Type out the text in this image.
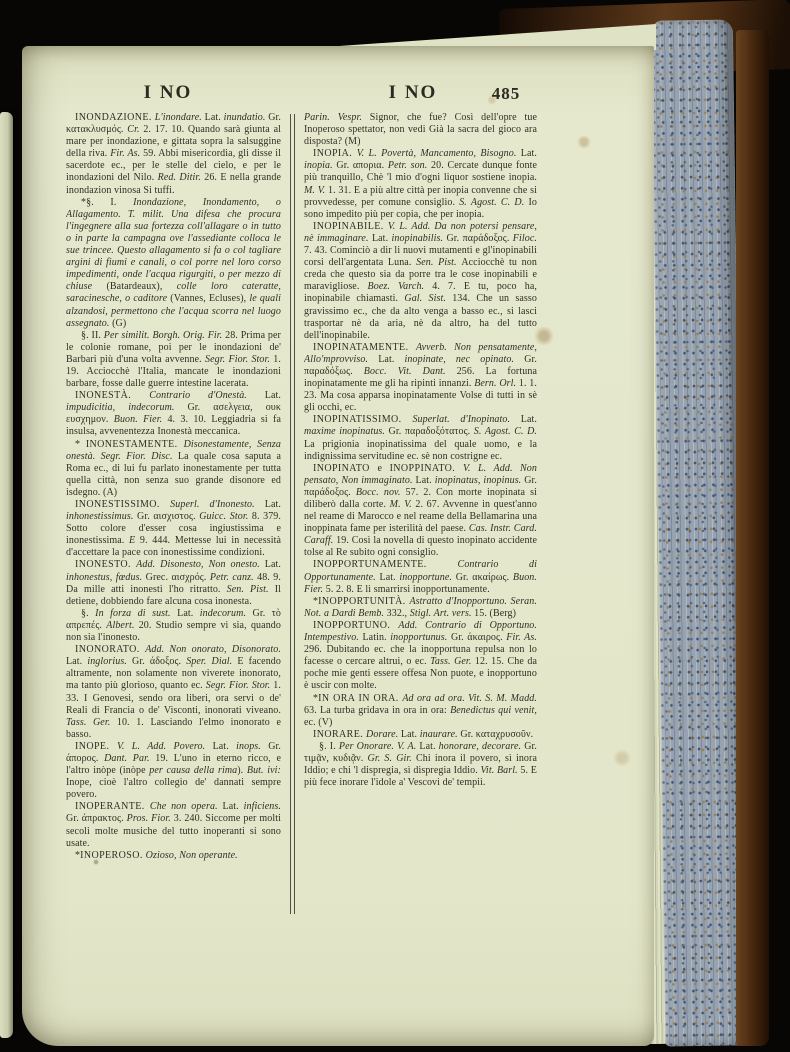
I NO	I NO	485

INONDAZIONE. L'inondare. Lat. inundatio. Gr. κατακλυσμός. Cr. 2. 17. 10. Quando sarà giunta al mare per inondazione, e gittata sopra la salsuggine della riva. Fir. As. 59. Abbi misericordia, gli disse il sacerdote ec., per le stelle del cielo, e per le inondazioni del Nilo. Red. Ditir. 26. E nella grande inondazion vinosa Si tuffi.

*§. I. Inondazione, Inondamento, o Allagamento. T. milit. Una difesa che procura l'ingegnere alla sua fortezza coll'allagare o in tutto o in parte la campagna ove l'assediante colloca le sue trincee. Questo allagamento si fa o col tagliare argini di fiumi e canali, o col porre nel loro corso impedimenti, onde l'acqua rigurgiti, o per mezzo di chiuse (Batardeaux), colle loro cateratte, saracinesche, o caditore (Vannes, Ecluses), le quali alzandosi, permettono che l'acqua scorra nel luogo assegnato. (G)

§. II. Per similit. Borgh. Orig. Fir. 28. Prima per le colonie romane, poi per le inondazioni de' Barbari più d'una volta avvenne. Segr. Fior. Stor. 1. 19. Acciocchè l'Italia, mancate le inondazioni barbare, fosse dalle guerre intestine lacerata.

INONESTÀ. Contrario d'Onestà. Lat. impudicitia, indecorum. Gr. ασελγεια, ουκ ευσχημον. Buon. Fier. 4. 3. 10. Leggiadria si fa insulsa, avvenentezza Inonestà meccanica.

* INONESTAMENTE. Disonestamente, Senza onestà. Segr. Fior. Disc. La quale cosa saputa a Roma ec., di lui fu parlato inonestamente per tutta quella città, non senza suo grande disonore ed isdegno. (A)

INONESTISSIMO. Superl. d'Inonesto. Lat. inhonestissimus. Gr. αισχιστος. Guicc. Stor. 8. 379. Sotto colore d'esser cosa ingiustissima e inonestissima. E 9. 444. Mettesse lui in necessità d'accettare la pace con inonestissime condizioni.

INONESTO. Add. Disonesto, Non onesto. Lat. inhonestus, fœdus. Grec. αισχρός. Petr. canz. 48. 9. Da mille atti inonesti l'ho ritratto. Sen. Pist. Il detiene, dobbiendo fare alcuna cosa inonesta.

§. In forza di sust. Lat. indecorum. Gr. τὸ απρεπές. Albert. 20. Studio sempre vi sia, quando non sia l'inonesto.

INONORATO. Add. Non onorato, Disonorato. Lat. inglorius. Gr. άδοξος. Sper. Dial. E facendo altramente, non solamente non viverete inonorato, ma tanto più glorioso, quanto ec. Segr. Fior. Stor. 1. 33. I Genovesi, sendo ora liberi, ora servi o de' Reali di Francia o de' Visconti, inonorati viveano. Tass. Ger. 10. 1. Lasciando l'elmo inonorato e basso.

INOPE. V. L. Add. Povero. Lat. inops. Gr. άπορος. Dant. Par. 19. L'uno in eterno ricco, e l'altro inòpe (inòpe per causa della rima). But. ivi: Inope, cioè l'altro collegio de' dannati sempre povero.

INOPERANTE. Che non opera. Lat. inficiens. Gr. άπρακτος. Pros. Fior. 3. 240. Siccome per molti secoli molte musiche del tutto inoperanti si sono usate.

*INOPEROSO. Ozioso, Non operante.

Parin. Vespr. Signor, che fue? Così dell'opre tue Inoperoso spettator, non vedi Già la sacra del gioco ara disposta? (M)

INOPIA. V. L. Povertà, Mancamento, Bisogno. Lat. inopia. Gr. απορια. Petr. son. 20. Cercate dunque fonte più tranquillo, Chè 'l mio d'ogni liquor sostiene inopia. M. V. 1. 31. E a più altre città per inopia convenne che si provvedesse, per comune consiglio. S. Agost. C. D. Io sono impedito più per copia, che per inopia.

INOPINABILE. V. L. Add. Da non potersi pensare, nè immaginare. Lat. inopinabilis. Gr. παράδοξος. Filoc. 7. 43. Cominciò a dir li nuovi mutamenti e gl'inopinabili corsi dell'argentata Luna. Sen. Pist. Acciocchè tu non creda che questo sia da porre tra le cose inopinabili e maravigliose. Boez. Varch. 4. 7. E tu, poco ha, inopinabile chiamasti. Gal. Sist. 134. Che un sasso gravissimo ec., che da alto venga a basso ec., si lasci trasportar nè da aria, nè da altro, ha del tutto dell'inopinabile.

INOPINATAMENTE. Avverb. Non pensatamente, Allo'mprovviso. Lat. inopinate, nec opinato. Gr. παραδόξως. Bocc. Vit. Dant. 256. La fortuna inopinatamente me gli ha ripinti innanzi. Bern. Orl. 1. 1. 23. Ma cosa apparsa inopinatamente Volse di tutti in sè gli occhi, ec.

INOPINATISSIMO. Superlat. d'Inopinato. Lat. maxime inopinatus. Gr. παραδοξότατος. S. Agost. C. D. La prigionia inopinatissima del quale uomo, e la indignissima servitudine ec. sè non costrigne ec.

INOPINATO e INOPPINATO. V. L. Add. Non pensato, Non immaginato. Lat. inopinatus, inopinus. Gr. παράδοξος. Bocc. nov. 57. 2. Con morte inopinata si diliberò dalla corte. M. V. 2. 67. Avvenne in quest'anno nel reame di Marocco e nel reame della Bellamarina una inoppinata fame per isterilità del paese. Cas. Instr. Card. Caraff. 19. Così la novella di questo inopinato accidente tolse al Re subito ogni consiglio.

INOPPORTUNAMENTE. Contrario di Opportunamente. Lat. inopportune. Gr. ακαίρως. Buon. Fier. 5. 2. 8. E lì smarrirsi inopportunamente.

*INOPPORTUNITÀ. Astratto d'Inopportuno. Seran. Not. a Dardi Bemb. 332., Stigl. Art. vers. 15. (Berg)

INOPPORTUNO. Add. Contrario di Opportuno. Intempestivo. Latin. inopportunus. Gr. άκαιρος. Fir. As. 296. Dubitando ec. che la inopportuna repulsa non lo facesse o cercare altrui, o ec. Tass. Ger. 12. 15. Che da poche mie genti essere offesa Non puote, e inopportuno è uscir con molte.

*IN ORA IN ORA. Ad ora ad ora. Vit. S. M. Madd. 63. La turba gridava in ora in ora: Benedictus qui venit, ec. (V)

INORARE. Dorare. Lat. inaurare. Gr. καταχρυσοῦν.

§. I. Per Onorare. V. A. Lat. honorare, decorare. Gr. τιμᾷν, κυδιᾷν. Gr. S. Gir. Chi inora il povero, sì inora Iddio; e chi 'l dispregia, sì dispregia Iddio. Vit. Barl. 5. E più fece inorare l'idole a' Vescovi de' tempii.
